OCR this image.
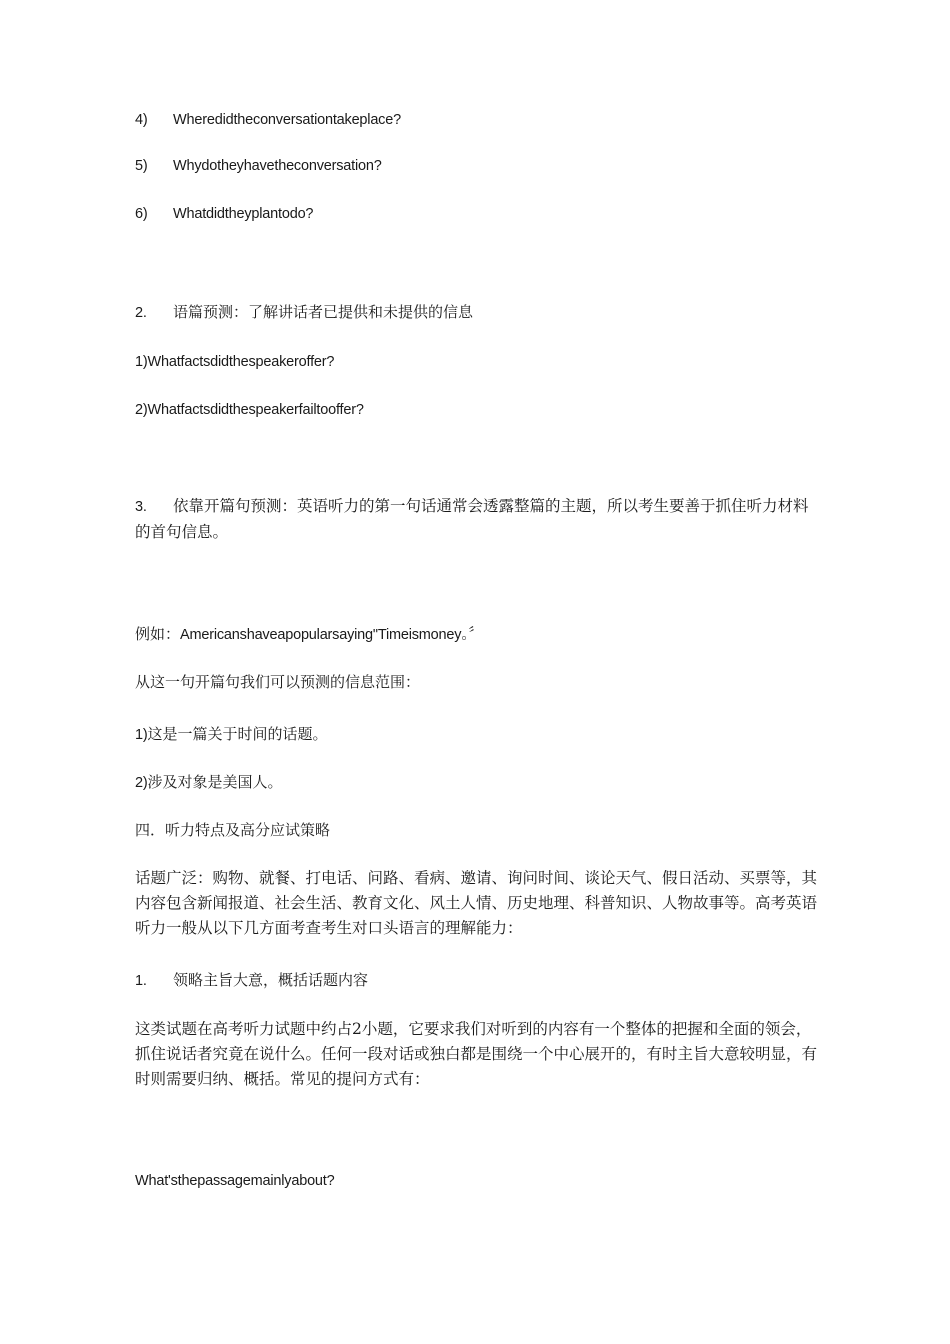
4) Wheredidtheconversationtakeplace?
5) Whydotheyhavetheconversation?
6) Whatdidtheyplantodo?
2. 语篇预测：了解讲话者已提供和未提供的信息
1)Whatfactsdidthespeakeroffer?
2)Whatfactsdidthespeakerfailtooffer?
3. 依靠开篇句预测：英语听力的第一句话通常会透露整篇的主题，所以考生要善于抓住听力材料的首句信息。
例如：Americanshaveapopularsaying"Timeismoney。〞
从这一句开篇句我们可以预测的信息范围：
1)这是一篇关于时间的话题。
2)涉及对象是美国人。
四．听力特点及高分应试策略
话题广泛：购物、就餐、打电话、问路、看病、邀请、询问时间、谈论天气、假日活动、买票等，其内容包含新闻报道、社会生活、教育文化、风土人情、历史地理、科普知识、人物故事等。高考英语听力一般从以下几方面考查考生对口头语言的理解能力：
1. 领略主旨大意，概括话题内容
这类试题在高考听力试题中约占2小题，它要求我们对听到的内容有一个整体的把握和全面的领会，抓住说话者究竟在说什么。任何一段对话或独白都是围绕一个中心展开的，有时主旨大意较明显，有时则需要归纳、概括。常见的提问方式有：
What'sthepassagemainlyabout?
